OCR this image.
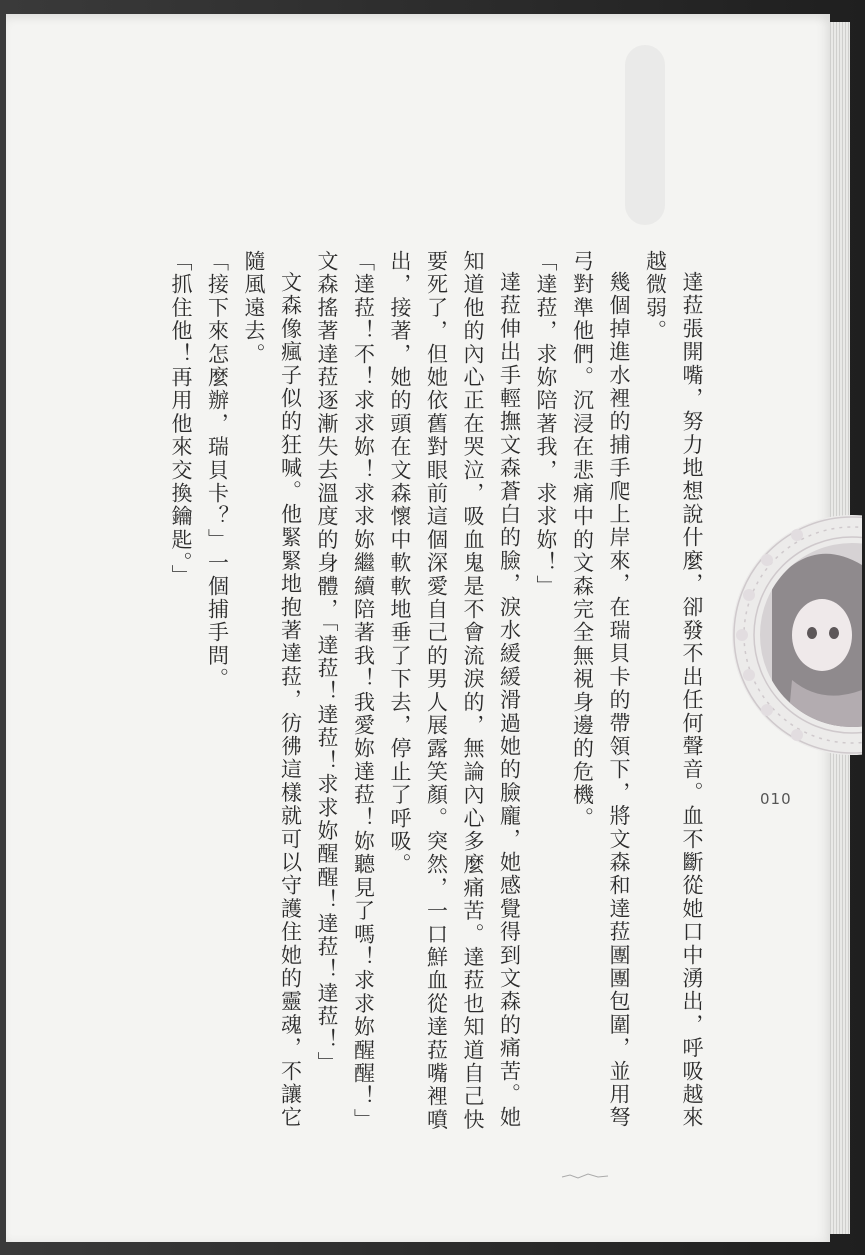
達菈張開嘴，努力地想說什麼，卻發不出任何聲音。血不斷從她口中湧出，呼吸越來越微弱。

幾個掉進水裡的捕手爬上岸來，在瑞貝卡的帶領下，將文森和達菈團團包圍，並用弩弓對準他們。沉浸在悲痛中的文森完全無視身邊的危機。

「達菈，求妳陪著我，求求妳！」

達菈伸出手輕撫文森蒼白的臉，淚水緩緩滑過她的臉龐，她感覺得到文森的痛苦。她知道他的內心正在哭泣，吸血鬼是不會流淚的，無論內心多麼痛苦。達菈也知道自己快要死了，但她依舊對眼前這個深愛自己的男人展露笑顏。突然，一口鮮血從達菈嘴裡噴出，接著，她的頭在文森懷中軟軟地垂了下去，停止了呼吸。

「達菈！不！求求妳！求求妳繼續陪著我！我愛妳達菈！妳聽見了嗎！求求妳醒醒！」文森搖著達菈逐漸失去溫度的身體，「達菈！達菈！求求妳醒醒！達菈！達菈！」

文森像瘋子似的狂喊。他緊緊地抱著達菈，彷彿這樣就可以守護住她的靈魂，不讓它隨風遠去。

「接下來怎麼辦，瑞貝卡？」一個捕手問。

「抓住他！再用他來交換鑰匙。」

010
